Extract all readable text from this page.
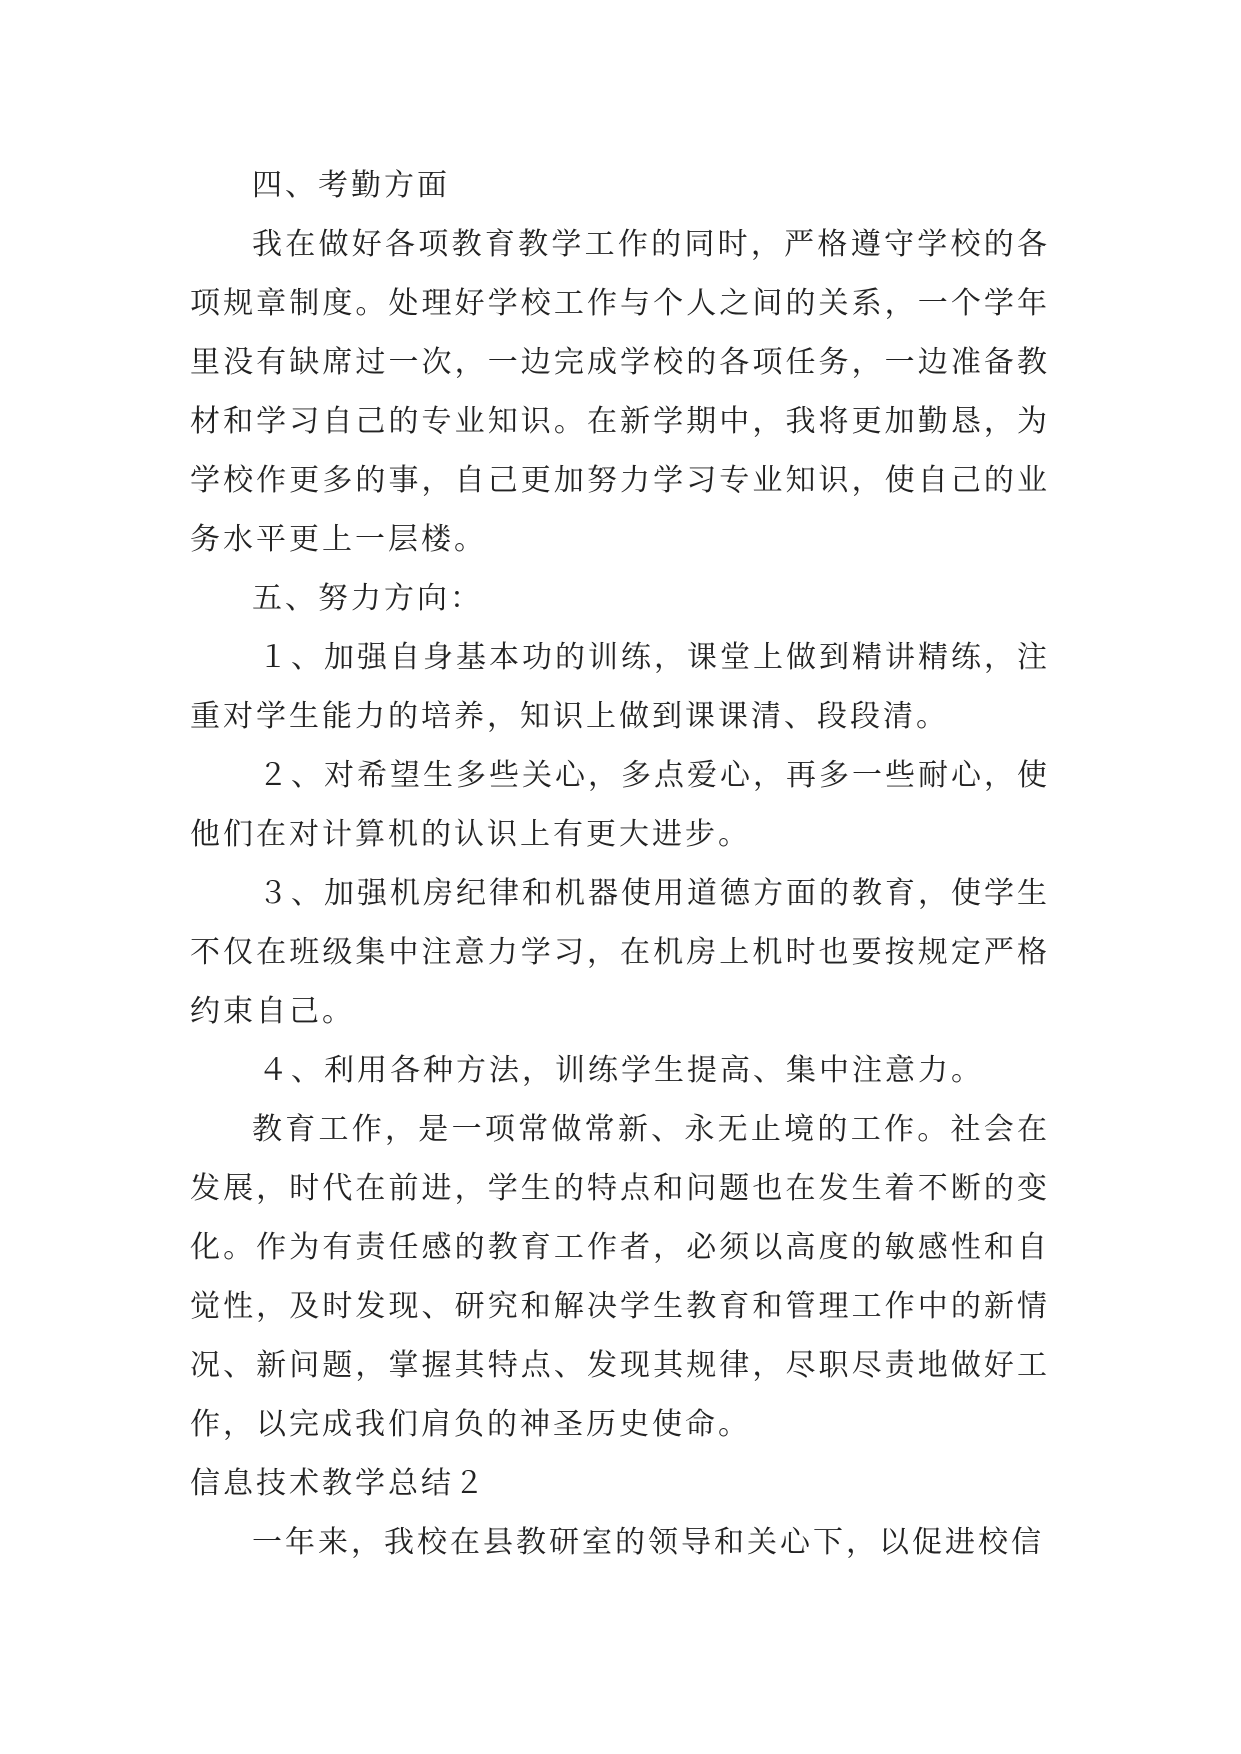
四、考勤方面

我在做好各项教育教学工作的同时，严格遵守学校的各项规章制度。处理好学校工作与个人之间的关系，一个学年里没有缺席过一次，一边完成学校的各项任务，一边准备教材和学习自己的专业知识。在新学期中，我将更加勤恳，为学校作更多的事，自己更加努力学习专业知识，使自己的业务水平更上一层楼。

五、努力方向：

１、加强自身基本功的训练，课堂上做到精讲精练，注重对学生能力的培养，知识上做到课课清、段段清。

２、对希望生多些关心，多点爱心，再多一些耐心，使他们在对计算机的认识上有更大进步。

３、加强机房纪律和机器使用道德方面的教育，使学生不仅在班级集中注意力学习，在机房上机时也要按规定严格约束自己。

４、利用各种方法，训练学生提高、集中注意力。

教育工作，是一项常做常新、永无止境的工作。社会在发展，时代在前进，学生的特点和问题也在发生着不断的变化。作为有责任感的教育工作者，必须以高度的敏感性和自觉性，及时发现、研究和解决学生教育和管理工作中的新情况、新问题，掌握其特点、发现其规律，尽职尽责地做好工作，以完成我们肩负的神圣历史使命。

信息技术教学总结２

一年来，我校在县教研室的领导和关心下，以促进校信
